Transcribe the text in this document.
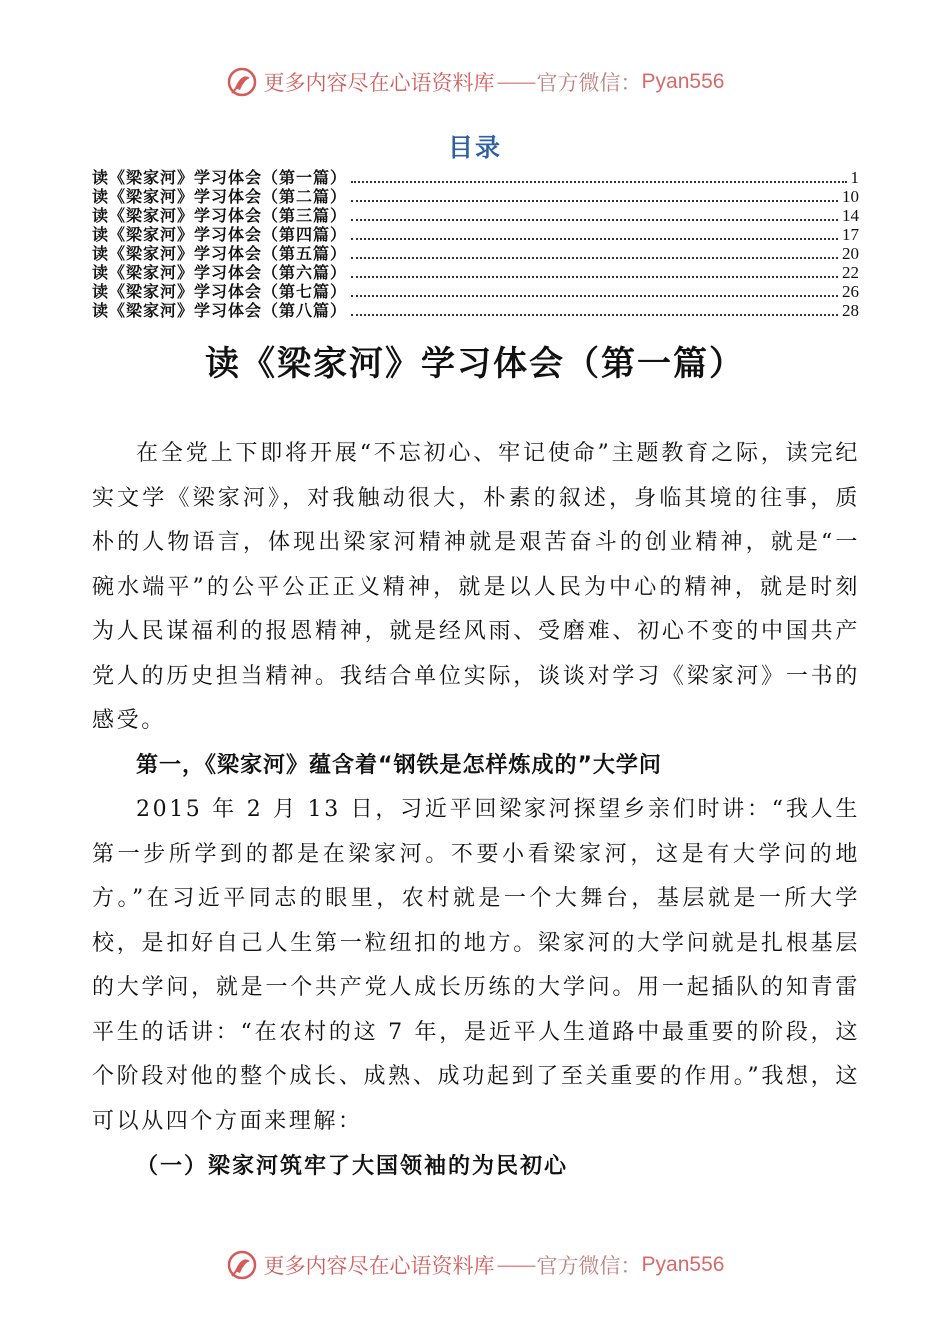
更多内容尽在心语资料库 —— 官方微信： Pyan556
目录
读《梁家河》学习体会（第一篇）	1
读《梁家河》学习体会（第二篇）	10
读《梁家河》学习体会（第三篇）	14
读《梁家河》学习体会（第四篇）	17
读《梁家河》学习体会（第五篇）	20
读《梁家河》学习体会（第六篇）	22
读《梁家河》学习体会（第七篇）	26
读《梁家河》学习体会（第八篇）	28
读《梁家河》学习体会（第一篇）

在全党上下即将开展“不忘初心、牢记使命”主题教育之际，读完纪实文学《梁家河》，对我触动很大，朴素的叙述，身临其境的往事，质朴的人物语言，体现出梁家河精神就是艰苦奋斗的创业精神，就是“一碗水端平”的公平公正正义精神，就是以人民为中心的精神，就是时刻为人民谋福利的报恩精神，就是经风雨、受磨难、初心不变的中国共产党人的历史担当精神。我结合单位实际，谈谈对学习《梁家河》一书的感受。

第一，《梁家河》蕴含着“钢铁是怎样炼成的”大学问

2015 年 2 月 13 日，习近平回梁家河探望乡亲们时讲：“我人生第一步所学到的都是在梁家河。不要小看梁家河，这是有大学问的地方。”在习近平同志的眼里，农村就是一个大舞台，基层就是一所大学校，是扣好自己人生第一粒纽扣的地方。梁家河的大学问就是扎根基层的大学问，就是一个共产党人成长历练的大学问。用一起插队的知青雷平生的话讲：“在农村的这 7 年，是近平人生道路中最重要的阶段，这个阶段对他的整个成长、成熟、成功起到了至关重要的作用。”我想，这可以从四个方面来理解：

（一）梁家河筑牢了大国领袖的为民初心

更多内容尽在心语资料库 —— 官方微信： Pyan556
